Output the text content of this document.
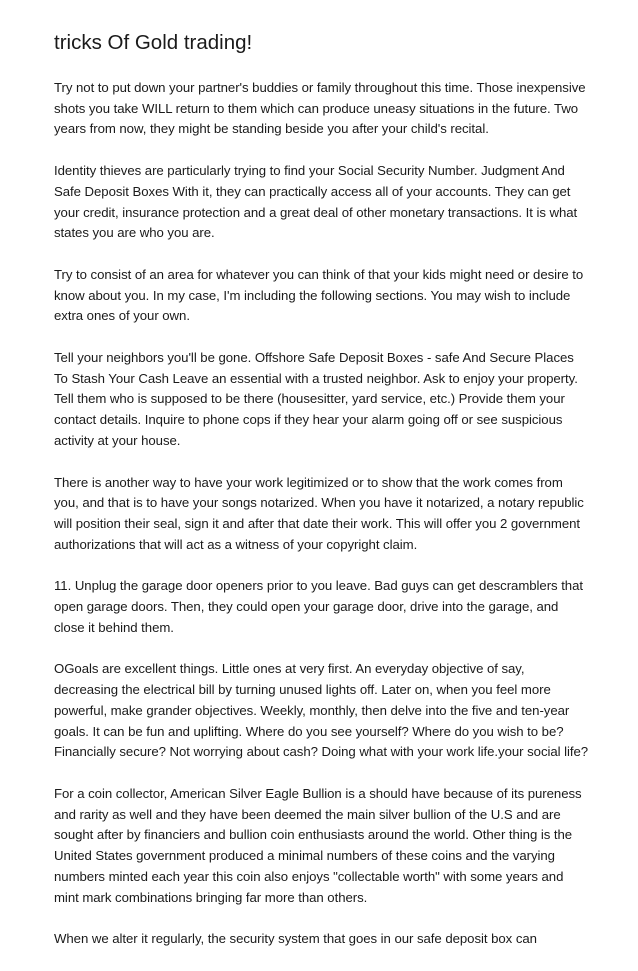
tricks Of Gold trading!

Try not to put down your partner's buddies or family throughout this time. Those inexpensive shots you take WILL return to them which can produce uneasy situations in the future. Two years from now, they might be standing beside you after your child's recital.

Identity thieves are particularly trying to find your Social Security Number. Judgment And Safe Deposit Boxes With it, they can practically access all of your accounts. They can get your credit, insurance protection and a great deal of other monetary transactions. It is what states you are who you are.

Try to consist of an area for whatever you can think of that your kids might need or desire to know about you. In my case, I'm including the following sections. You may wish to include extra ones of your own.

Tell your neighbors you'll be gone. Offshore Safe Deposit Boxes - safe And Secure Places To Stash Your Cash Leave an essential with a trusted neighbor. Ask to enjoy your property. Tell them who is supposed to be there (housesitter, yard service, etc.) Provide them your contact details. Inquire to phone cops if they hear your alarm going off or see suspicious activity at your house.

There is another way to have your work legitimized or to show that the work comes from you, and that is to have your songs notarized. When you have it notarized, a notary republic will position their seal, sign it and after that date their work. This will offer you 2 government authorizations that will act as a witness of your copyright claim.

11. Unplug the garage door openers prior to you leave. Bad guys can get descramblers that open garage doors. Then, they could open your garage door, drive into the garage, and close it behind them.

OGoals are excellent things. Little ones at very first. An everyday objective of say, decreasing the electrical bill by turning unused lights off. Later on, when you feel more powerful, make grander objectives. Weekly, monthly, then delve into the five and ten-year goals. It can be fun and uplifting. Where do you see yourself? Where do you wish to be? Financially secure? Not worrying about cash? Doing what with your work life.your social life?

For a coin collector, American Silver Eagle Bullion is a should have because of its pureness and rarity as well and they have been deemed the main silver bullion of the U.S and are sought after by financiers and bullion coin enthusiasts around the world. Other thing is the United States government produced a minimal numbers of these coins and the varying numbers minted each year this coin also enjoys "collectable worth" with some years and mint mark combinations bringing far more than others.

When we alter it regularly, the security system that goes in our safe deposit box can
